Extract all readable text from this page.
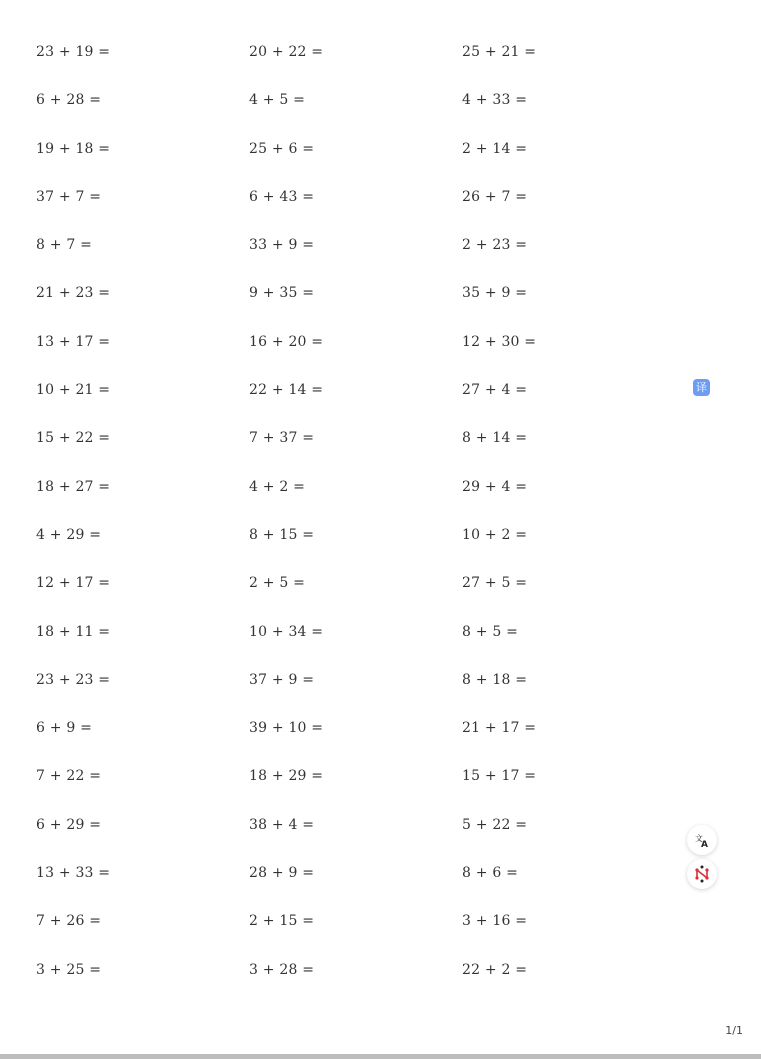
23 + 19 =	20 + 22 =	25 + 21 =
6 + 28 =	4 + 5 =	4 + 33 =
19 + 18 =	25 + 6 =	2 + 14 =
37 + 7 =	6 + 43 =	26 + 7 =
8 + 7 =	33 + 9 =	2 + 23 =
21 + 23 =	9 + 35 =	35 + 9 =
13 + 17 =	16 + 20 =	12 + 30 =
10 + 21 =	22 + 14 =	27 + 4 =
15 + 22 =	7 + 37 =	8 + 14 =
18 + 27 =	4 + 2 =	29 + 4 =
4 + 29 =	8 + 15 =	10 + 2 =
12 + 17 =	2 + 5 =	27 + 5 =
18 + 11 =	10 + 34 =	8 + 5 =
23 + 23 =	37 + 9 =	8 + 18 =
6 + 9 =	39 + 10 =	21 + 17 =
7 + 22 =	18 + 29 =	15 + 17 =
6 + 29 =	38 + 4 =	5 + 22 =
13 + 33 =	28 + 9 =	8 + 6 =
7 + 26 =	2 + 15 =	3 + 16 =
3 + 25 =	3 + 28 =	22 + 2 =
1/1
译
文
A
